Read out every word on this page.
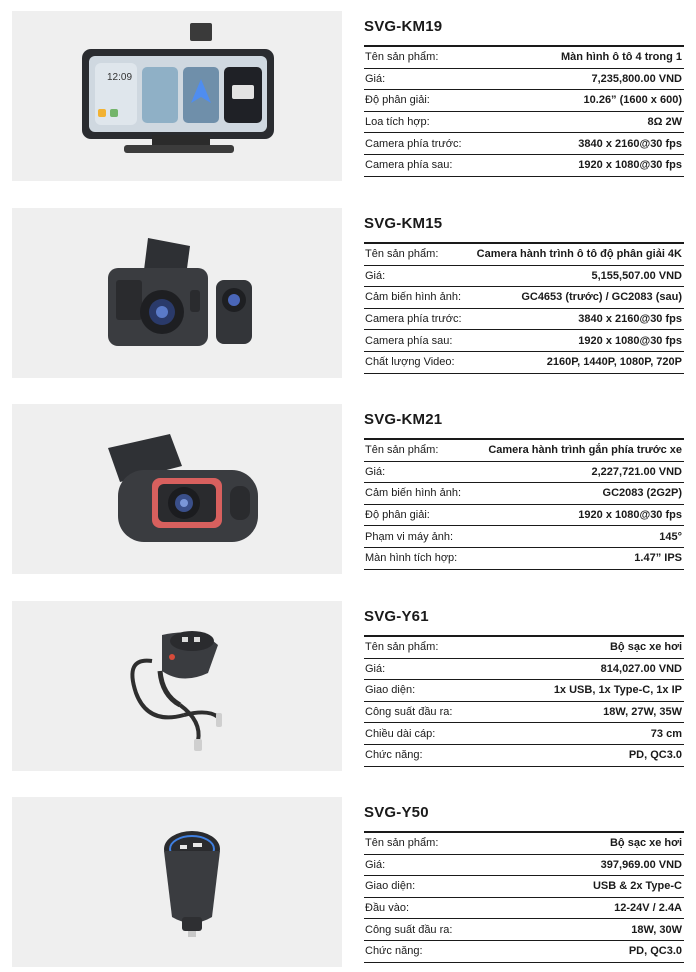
12:09
SVG-KM19
Tên sản phẩm:	Màn hình ô tô 4 trong 1
Giá:	7,235,800.00 VND
Độ phân giải:	10.26” (1600 x 600)
Loa tích hợp:	8Ω 2W
Camera phía trước:	3840 x 2160@30 fps
Camera phía sau:	1920 x 1080@30 fps
SVG-KM15
Tên sản phẩm:	Camera hành trình ô tô độ phân giải 4K
Giá:	5,155,507.00 VND
Cảm biến hình ảnh:	GC4653 (trước) / GC2083 (sau)
Camera phía trước:	3840 x 2160@30 fps
Camera phía sau:	1920 x 1080@30 fps
Chất lượng Video:	2160P, 1440P, 1080P, 720P
SVG-KM21
Tên sản phẩm:	Camera hành trình gắn phía trước xe
Giá:	2,227,721.00 VND
Cảm biến hình ảnh:	GC2083 (2G2P)
Độ phân giải:	1920 x 1080@30 fps
Phạm vi máy ảnh:	145°
Màn hình tích hợp:	1.47” IPS
SVG-Y61
Tên sản phẩm:	Bộ sạc xe hơi
Giá:	814,027.00 VND
Giao diện:	1x USB, 1x Type-C, 1x IP
Công suất đầu ra:	18W, 27W, 35W
Chiều dài cáp:	73 cm
Chức năng:	PD, QC3.0
SVG-Y50
Tên sản phẩm:	Bộ sạc xe hơi
Giá:	397,969.00 VND
Giao diện:	USB & 2x Type-C
Đầu vào:	12-24V / 2.4A
Công suất đầu ra:	18W, 30W
Chức năng:	PD, QC3.0
